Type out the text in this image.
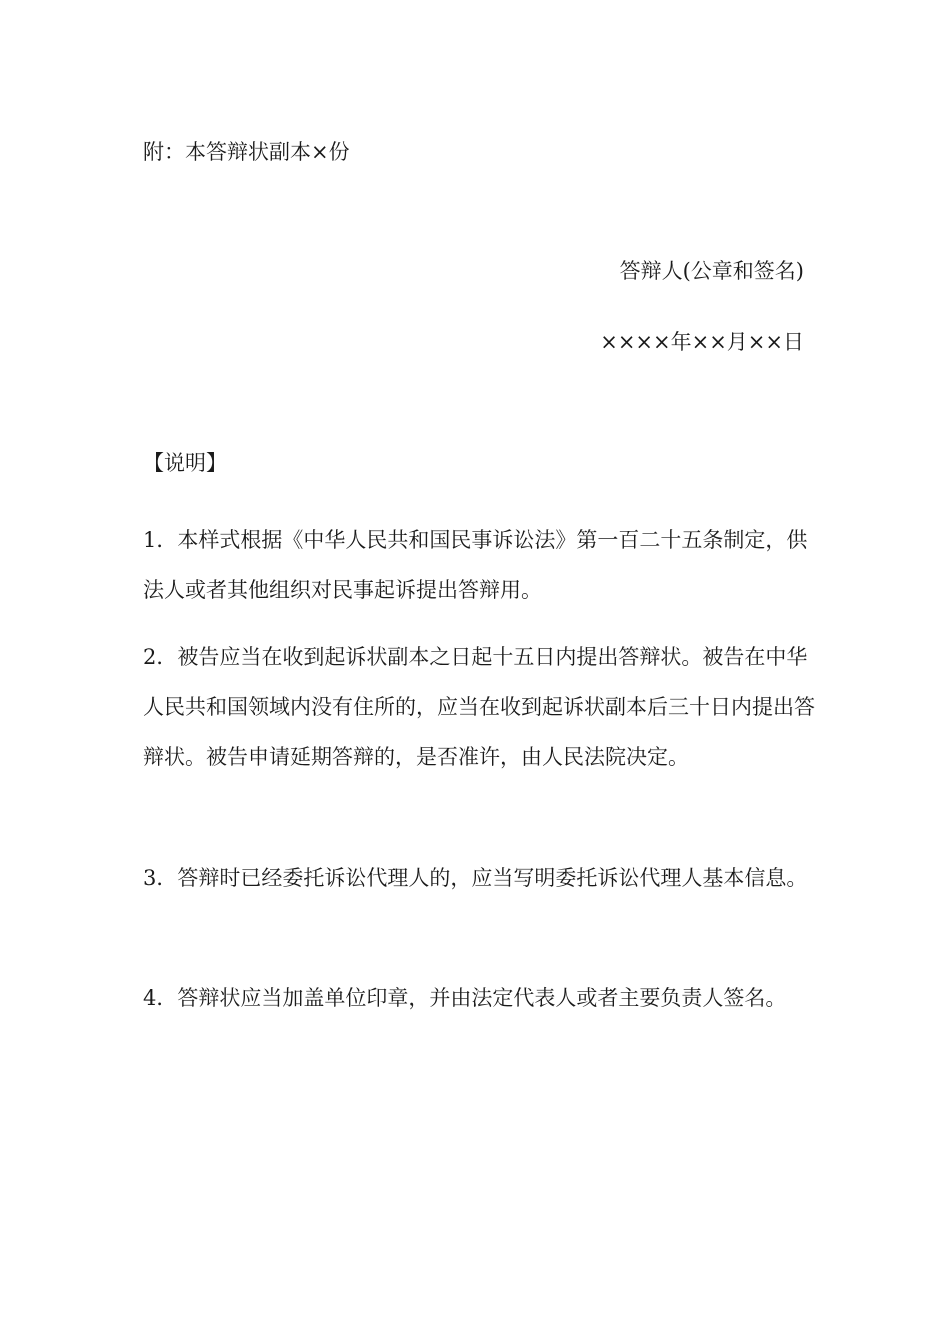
附：本答辩状副本×份
答辩人(公章和签名)
××××年××月××日
【说明】
1．本样式根据《中华人民共和国民事诉讼法》第一百二十五条制定，供法人或者其他组织对民事起诉提出答辩用。
2．被告应当在收到起诉状副本之日起十五日内提出答辩状。被告在中华人民共和国领域内没有住所的，应当在收到起诉状副本后三十日内提出答辩状。被告申请延期答辩的，是否准许，由人民法院决定。
3．答辩时已经委托诉讼代理人的，应当写明委托诉讼代理人基本信息。
4．答辩状应当加盖单位印章，并由法定代表人或者主要负责人签名。
